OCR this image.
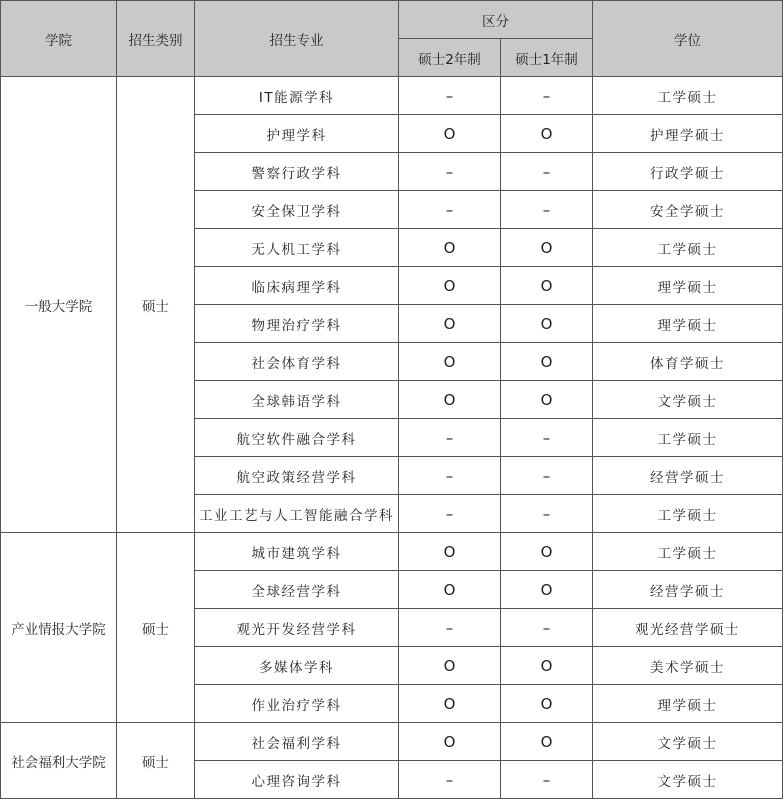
学院	招生类别	招生专业	区分		学位
			硕士2年制	硕士1年制	
一般大学院	硕士	IT能源学科	–	–	工学硕士
		护理学科	O	O	护理学硕士
		警察行政学科	–	–	行政学硕士
		安全保卫学科	–	–	安全学硕士
		无人机工学科	O	O	工学硕士
		临床病理学科	O	O	理学硕士
		物理治疗学科	O	O	理学硕士
		社会体育学科	O	O	体育学硕士
		全球韩语学科	O	O	文学硕士
		航空软件融合学科	–	–	工学硕士
		航空政策经营学科	–	–	经营学硕士
		工业工艺与人工智能融合学科	–	–	工学硕士
产业情报大学院	硕士	城市建筑学科	O	O	工学硕士
		全球经营学科	O	O	经营学硕士
		观光开发经营学科	–	–	观光经营学硕士
		多媒体学科	O	O	美术学硕士
		作业治疗学科	O	O	理学硕士
社会福利大学院	硕士	社会福利学科	O	O	文学硕士
		心理咨询学科	–	–	文学硕士
